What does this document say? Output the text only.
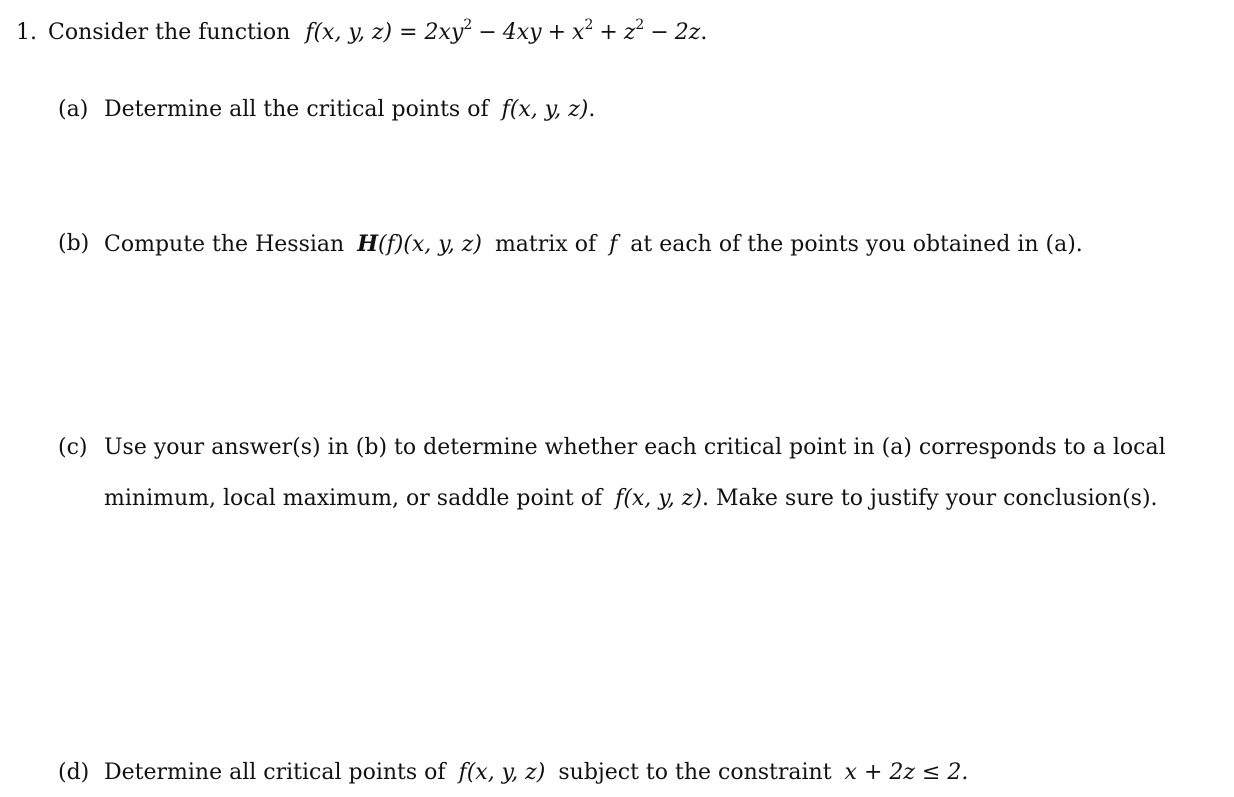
1. Consider the function f(x, y, $z) = 2xy^2 - 4xy + x^2 + z^2 - 2z$.
(a) Determine all the critical points of f(x, y, z).
(b) Compute the Hessian H(f)(x, y, z) matrix of f at each of the points you obtained in (a).
(c) Use your answer(s) in (b) to determine whether each critical point in (a) corresponds to a local
minimum, local maximum, or saddle point of f(x, y, z). Make sure to justify your conclusion(s).
(d) Determine all critical points of f(x, y, z) subject to the constraint x + 2z ≤ 2.
